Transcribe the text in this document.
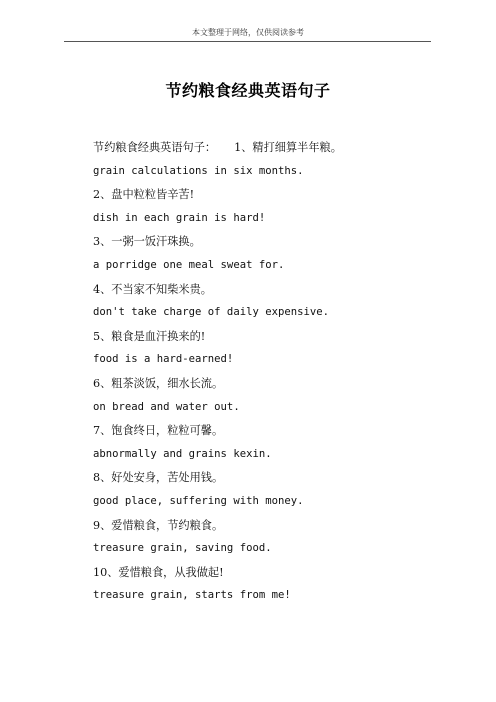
本文整理于网络，仅供阅读参考
节约粮食经典英语句子
节约粮食经典英语句子： 1、精打细算半年粮。
grain calculations in six months.
2、盘中粒粒皆辛苦!
dish in each grain is hard!
3、一粥一饭汗珠换。
a porridge one meal sweat for.
4、不当家不知柴米贵。
don't take charge of daily expensive.
5、粮食是血汗换来的!
food is a hard-earned!
6、粗茶淡饭，细水长流。
on bread and water out.
7、饱食终日，粒粒可馨。
abnormally and grains kexin.
8、好处安身，苦处用钱。
good place, suffering with money.
9、爱惜粮食，节约粮食。
treasure grain, saving food.
10、爱惜粮食，从我做起!
treasure grain, starts from me!
